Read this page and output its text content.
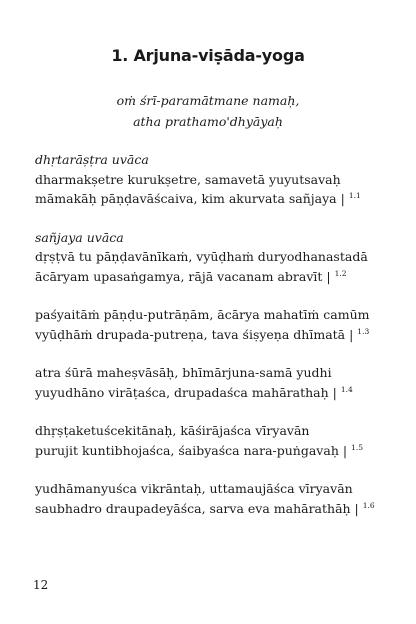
1. Arjuna-viṣāda-yoga
oṁ śrī-paramātmane namaḥ,
atha prathamo'dhyāyaḥ
dhṛtarāṣṭra uvāca
dharmakṣetre kurukṣetre, samavetā yuyutsavaḥ
māmakāḥ pāṇḍavāścaiva, kim akurvata sañjaya | $^{1.1}$
sañjaya uvāca
dṛṣṭvā tu pāṇḍavānīkaṁ, vyūḍhaṁ duryodhanastadā
ācāryam upasaṅgamya, rājā vacanam abravīt | $^{1.2}$
paśyaitāṁ pāṇḍu-putrāṇām, ācārya mahatīṁ camūm
vyūḍhāṁ drupada-putreṇa, tava śiṣyeṇa dhīmatā | $^{1.3}$
atra śūrā maheṣvāsāḥ, bhīmārjuna-samā yudhi
yuyudhāno virāṭaśca, drupadaśca mahārathaḥ | $^{1.4}$
dhṛṣṭaketuścekitānaḥ, kāśirājaśca vīryavān
purujit kuntibhojaśca, śaibyaśca nara-puṅgavaḥ | $^{1.5}$
yudhāmanyuśca vikrāntaḥ, uttamaujāśca vīryavān
saubhadro draupadeyāśca, sarva eva mahārathāḥ | $^{1.6}$
12
